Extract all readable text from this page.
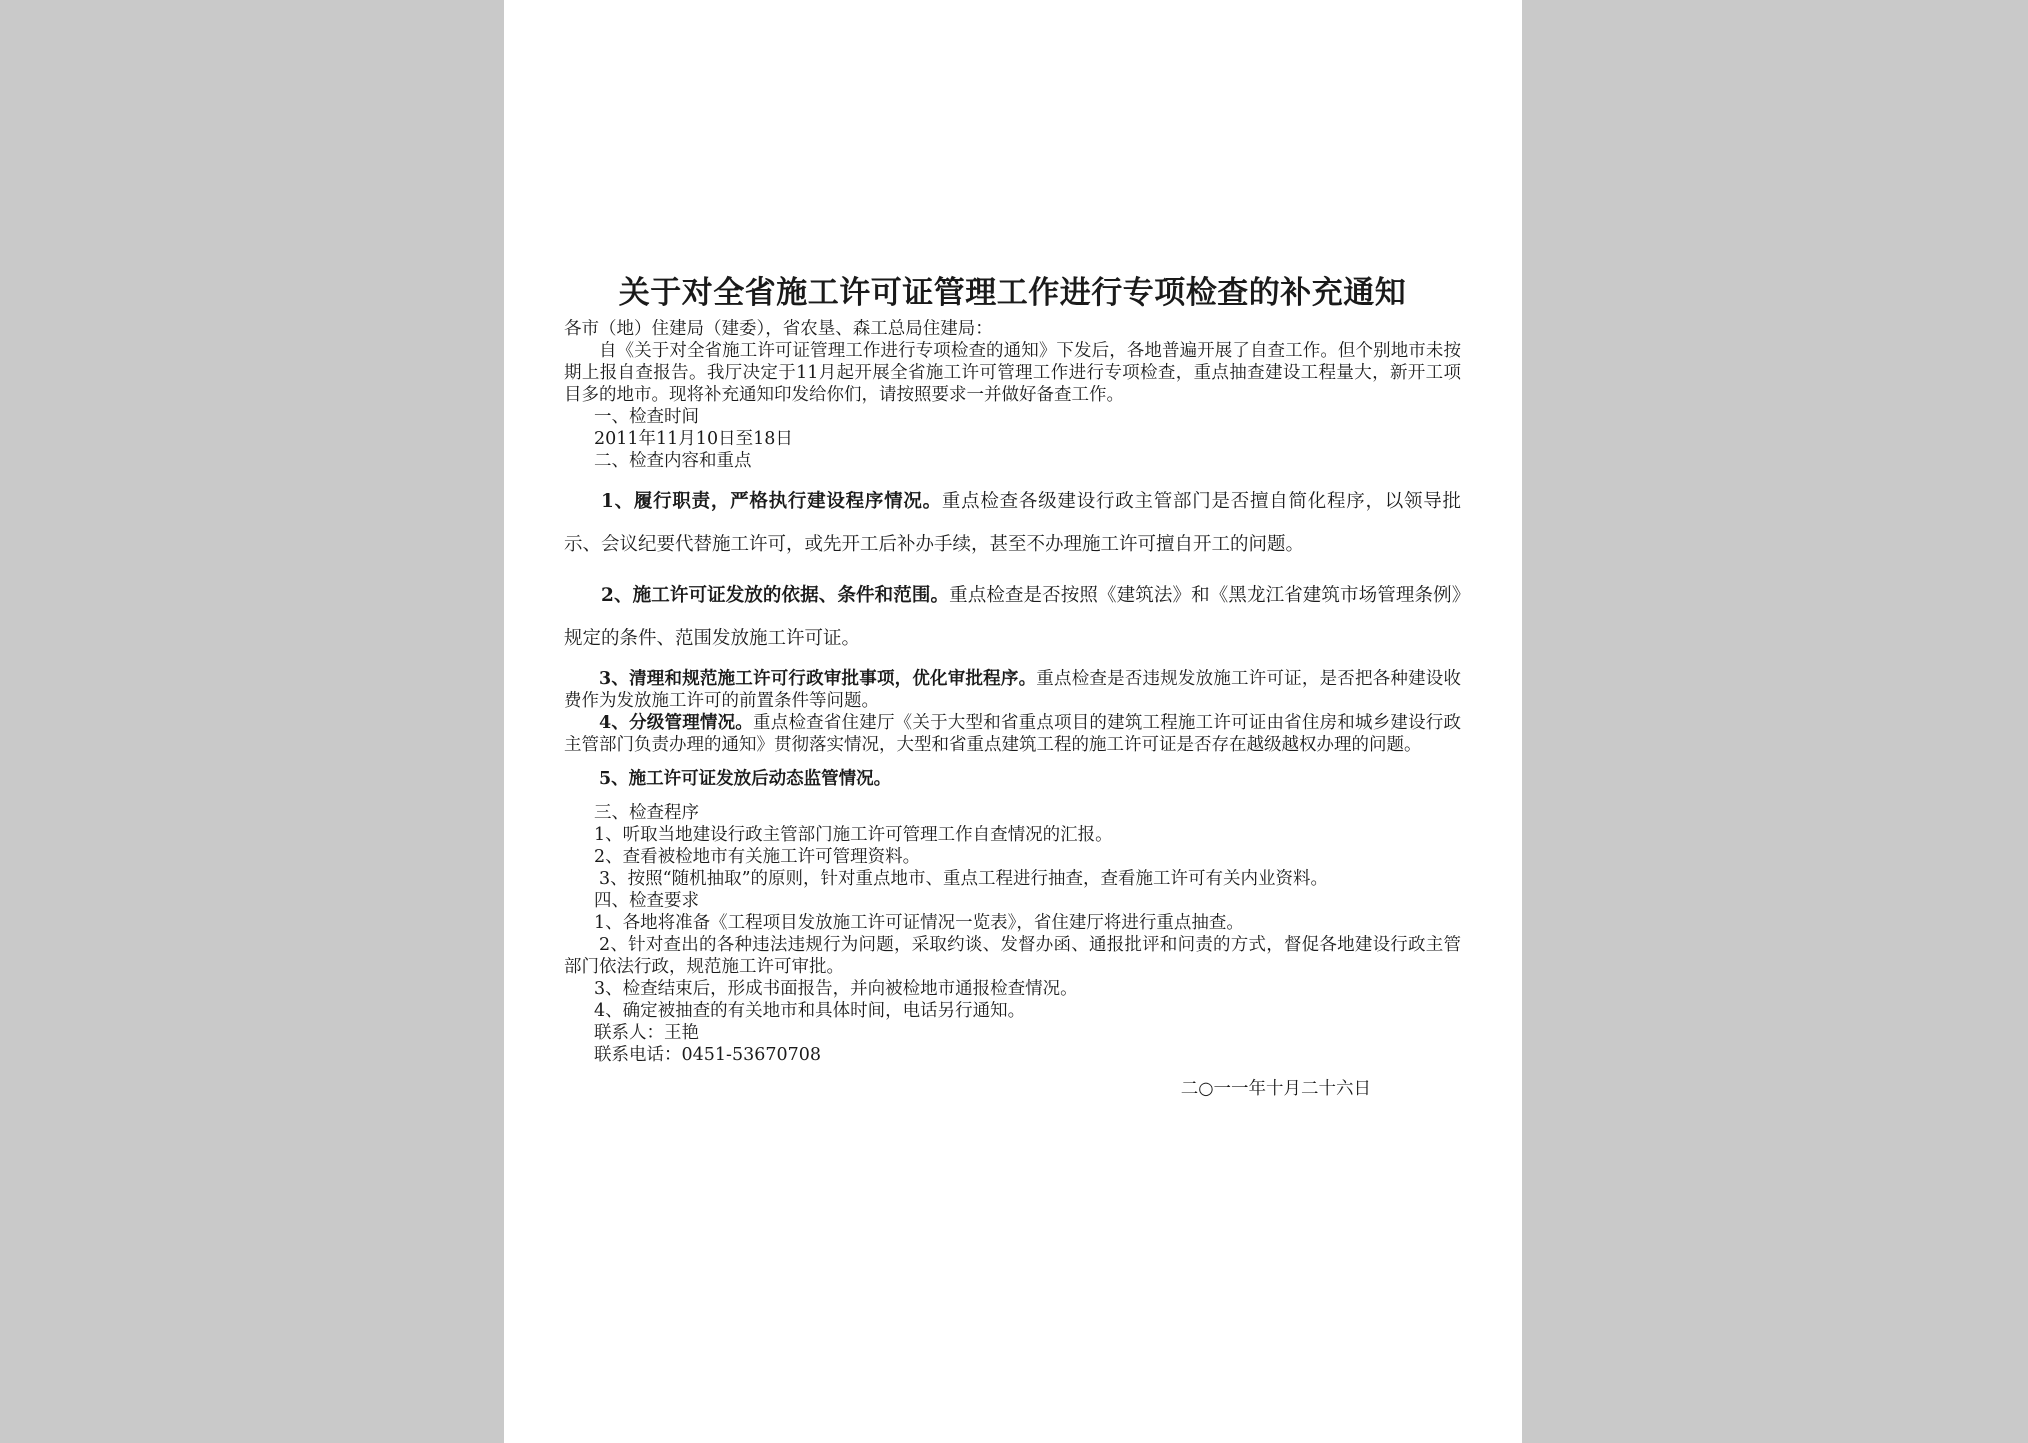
关于对全省施工许可证管理工作进行专项检查的补充通知

各市（地）住建局（建委），省农垦、森工总局住建局：

自《关于对全省施工许可证管理工作进行专项检查的通知》下发后，各地普遍开展了自查工作。但个别地市未按期上报自查报告。我厅决定于11月起开展全省施工许可管理工作进行专项检查，重点抽查建设工程量大，新开工项目多的地市。现将补充通知印发给你们，请按照要求一并做好备查工作。

一、检查时间

2011年11月10日至18日

二、检查内容和重点

1、履行职责，严格执行建设程序情况。重点检查各级建设行政主管部门是否擅自简化程序，以领导批示、会议纪要代替施工许可，或先开工后补办手续，甚至不办理施工许可擅自开工的问题。

2、施工许可证发放的依据、条件和范围。重点检查是否按照《建筑法》和《黑龙江省建筑市场管理条例》规定的条件、范围发放施工许可证。

3、清理和规范施工许可行政审批事项，优化审批程序。重点检查是否违规发放施工许可证，是否把各种建设收费作为发放施工许可的前置条件等问题。

4、分级管理情况。重点检查省住建厅《关于大型和省重点项目的建筑工程施工许可证由省住房和城乡建设行政主管部门负责办理的通知》贯彻落实情况，大型和省重点建筑工程的施工许可证是否存在越级越权办理的问题。

5、施工许可证发放后动态监管情况。

三、检查程序

1、听取当地建设行政主管部门施工许可管理工作自查情况的汇报。

2、查看被检地市有关施工许可管理资料。

3、按照“随机抽取”的原则，针对重点地市、重点工程进行抽查，查看施工许可有关内业资料。

四、检查要求

1、各地将准备《工程项目发放施工许可证情况一览表》，省住建厅将进行重点抽查。

2、针对查出的各种违法违规行为问题，采取约谈、发督办函、通报批评和问责的方式，督促各地建设行政主管部门依法行政，规范施工许可审批。

3、检查结束后，形成书面报告，并向被检地市通报检查情况。

4、确定被抽查的有关地市和具体时间，电话另行通知。

联系人：王艳

联系电话：0451-53670708

二○一一年十月二十六日
